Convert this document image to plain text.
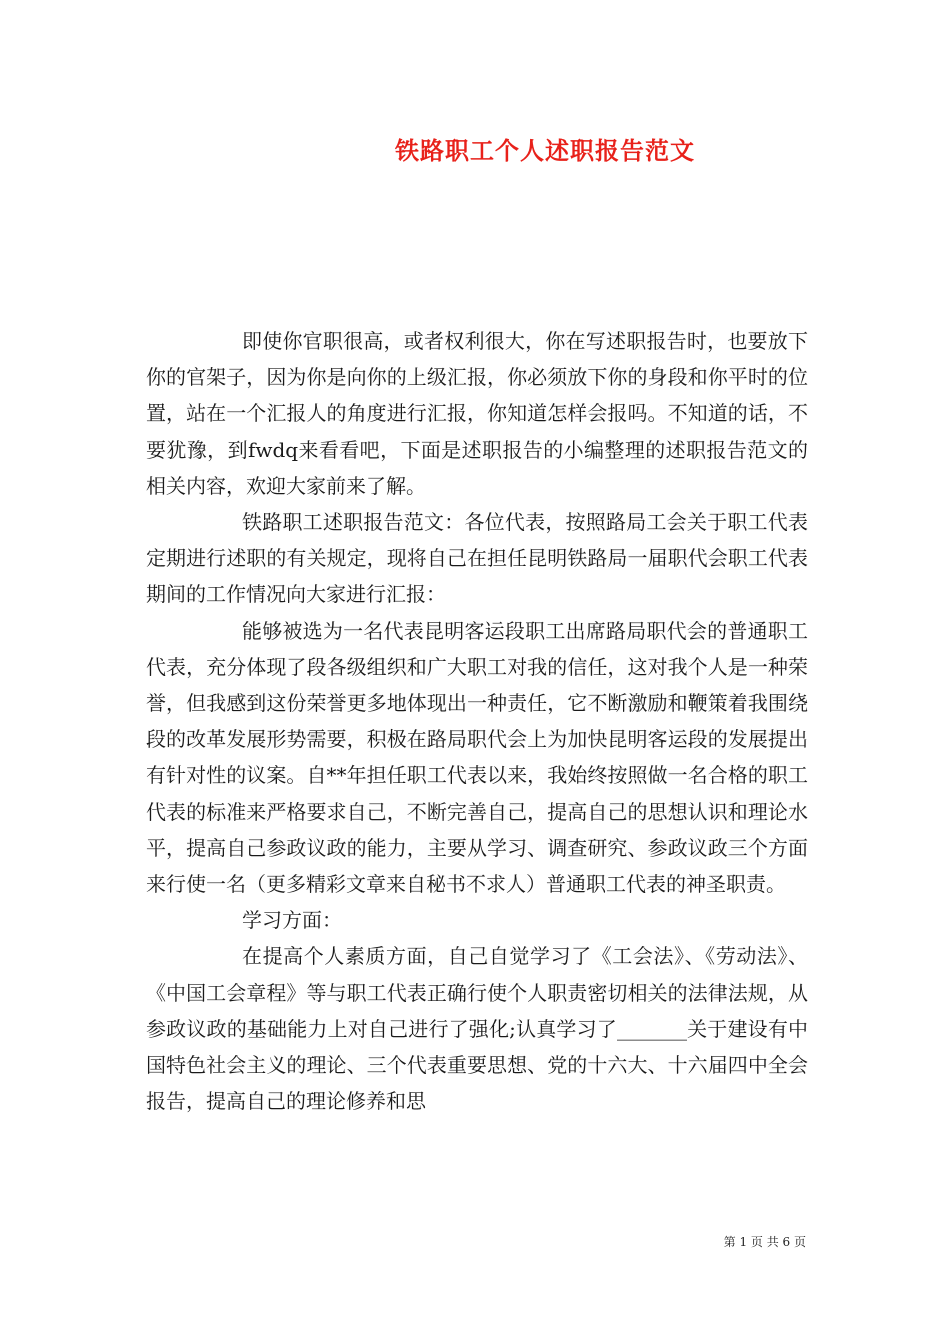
铁路职工个人述职报告范文

即使你官职很高，或者权利很大，你在写述职报告时，也要放下你的官架子，因为你是向你的上级汇报，你必须放下你的身段和你平时的位置，站在一个汇报人的角度进行汇报，你知道怎样会报吗。不知道的话，不要犹豫，到fwdq来看看吧，下面是述职报告的小编整理的述职报告范文的相关内容，欢迎大家前来了解。

铁路职工述职报告范文：各位代表，按照路局工会关于职工代表定期进行述职的有关规定，现将自己在担任昆明铁路局一届职代会职工代表期间的工作情况向大家进行汇报：

能够被选为一名代表昆明客运段职工出席路局职代会的普通职工代表，充分体现了段各级组织和广大职工对我的信任，这对我个人是一种荣誉，但我感到这份荣誉更多地体现出一种责任，它不断激励和鞭策着我围绕段的改革发展形势需要，积极在路局职代会上为加快昆明客运段的发展提出有针对性的议案。自**年担任职工代表以来，我始终按照做一名合格的职工代表的标准来严格要求自己，不断完善自己，提高自己的思想认识和理论水平，提高自己参政议政的能力，主要从学习、调查研究、参政议政三个方面来行使一名（更多精彩文章来自秘书不求人）普通职工代表的神圣职责。

学习方面：

在提高个人素质方面，自己自觉学习了《工会法》、《劳动法》、《中国工会章程》等与职工代表正确行使个人职责密切相关的法律法规，从参政议政的基础能力上对自己进行了强化;认真学习了_______关于建设有中国特色社会主义的理论、三个代表重要思想、党的十六大、十六届四中全会报告，提高自己的理论修养和思

第 1 页 共 6 页
